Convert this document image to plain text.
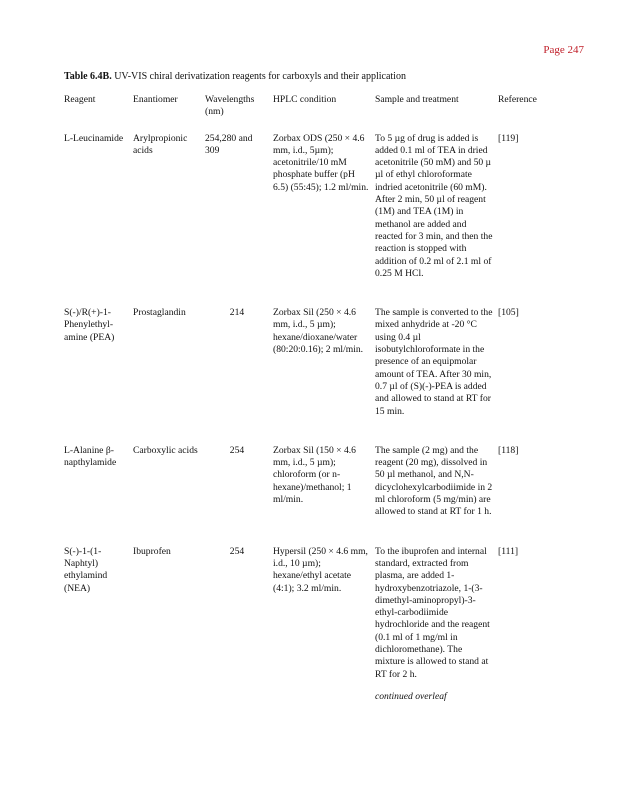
Page 247
Table 6.4B. UV-VIS chiral derivatization reagents for carboxyls and their application
Reagent	Enantiomer	Wavelengths (nm)	HPLC condition	Sample and treatment	Reference
L-Leucinamide	Arylpropionic acids	254,280 and 309	Zorbax ODS (250 × 4.6 mm, i.d., 5µm); acetonitrile/10 mM phosphate buffer (pH 6.5) (55:45); 1.2 ml/min.	To 5 µg of drug is added is added 0.1 ml of TEA in dried acetonitrile (50 mM) and 50 µ µl of ethyl chloroformate indried acetonitrile (60 mM). After 2 min, 50 µl of reagent (1M) and TEA (1M) in methanol are added and reacted for 3 min, and then the reaction is stopped with addition of 0.2 ml of 2.1 ml of 0.25 M HCl.	[119]
S(-)/R(+)-1-Phenylethyl-amine (PEA)	Prostaglandin	214	Zorbax Sil (250 × 4.6 mm, i.d., 5 µm); hexane/dioxane/water (80:20:0.16); 2 ml/min.	The sample is converted to the mixed anhydride at -20 °C using 0.4 µl isobutylchloroformate in the presence of an equipmolar amount of TEA. After 30 min, 0.7 µl of (S)(-)-PEA is added and allowed to stand at RT for 15 min.	[105]
L-Alanine β-napthylamide	Carboxylic acids	254	Zorbax Sil (150 × 4.6 mm, i.d., 5 µm); chloroform (or n-hexane)/methanol; 1 ml/min.	The sample (2 mg) and the reagent (20 mg), dissolved in 50 µl methanol, and N,N-dicyclohexylcarbodiimide in 2 ml chloroform (5 mg/min) are allowed to stand at RT for 1 h.	[118]
S(-)-1-(1-Naphtyl) ethylamind (NEA)	Ibuprofen	254	Hypersil (250 × 4.6 mm, i.d., 10 µm); hexane/ethyl acetate (4:1); 3.2 ml/min.	To the ibuprofen and internal standard, extracted from plasma, are added 1-hydroxybenzotriazole, 1-(3-dimethyl-aminopropyl)-3-ethyl-carbodiimide hydrochloride and the reagent (0.1 ml of 1 mg/ml in dichloromethane). The mixture is allowed to stand at RT for 2 h.	[111]
				continued overleaf	
